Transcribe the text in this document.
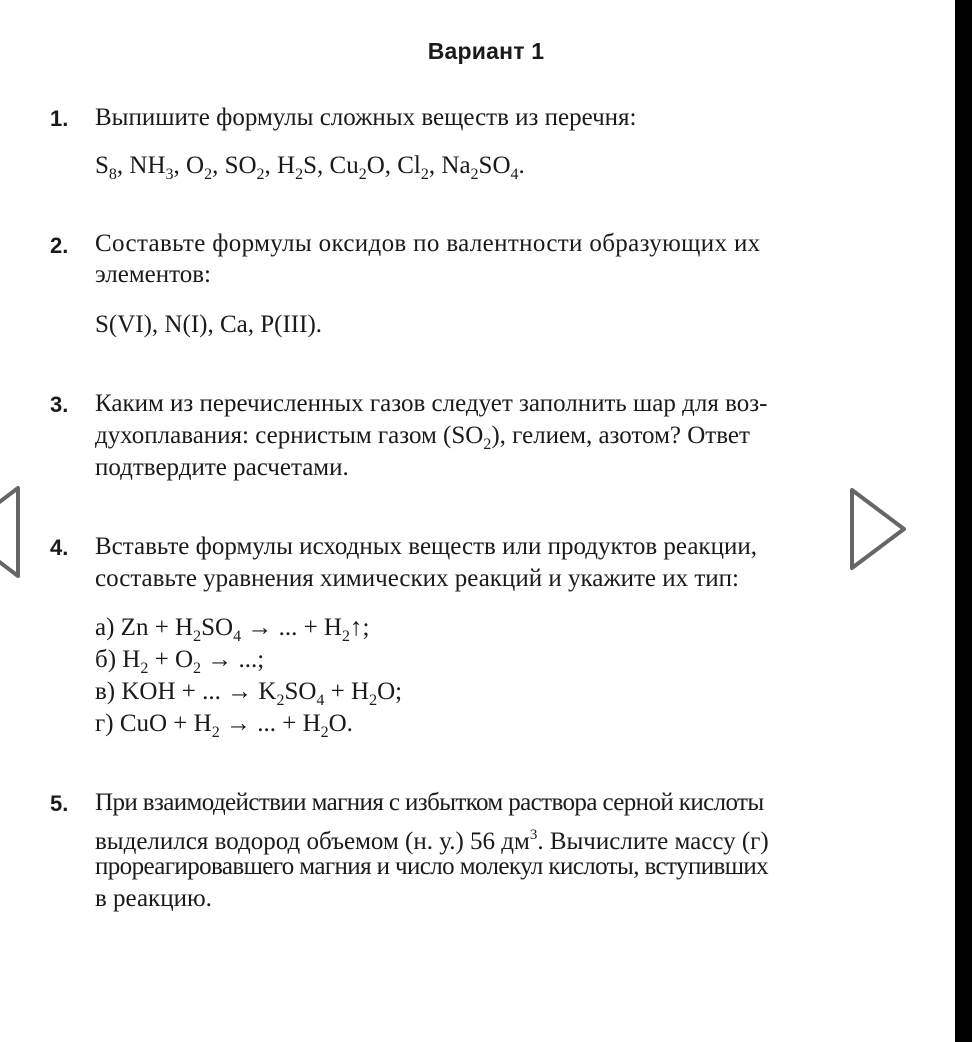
Вариант 1
1. Выпишите формулы сложных веществ из перечня:
$S_8$, $NH_3$, $O_2$, $SO_2$, $H_2S$, $Cu_2O$, $Cl_2$, $Na_2SO_4$.
2. Составьте формулы оксидов по валентности образующих их
элементов:
S(VI), N(I), Ca, P(III).
3. Каким из перечисленных газов следует заполнить шар для воз-
духоплавания: сернистым газом $(SO_2)$, гелием, азотом? Ответ
подтвердите расчетами.
4. Вставьте формулы исходных веществ или продуктов реакции,
составьте уравнения химических реакций и укажите их тип:
а) $Zn + H_2SO_4$ → ... + $H_2↑$;
б) $H_2 + O_2$ → ...;
в) KOH + ... → $K_2SO_4 + H_2O$;
г) CuO + $H_2$ → ... + $H_2O$.
5. При взаимодействии магния с избытком раствора серной кислоты
выделился водород объемом (н. у.) 56 $дм^3$. Вычислите массу (г)
прореагировавшего магния и число молекул кислоты, вступивших
в реакцию.
